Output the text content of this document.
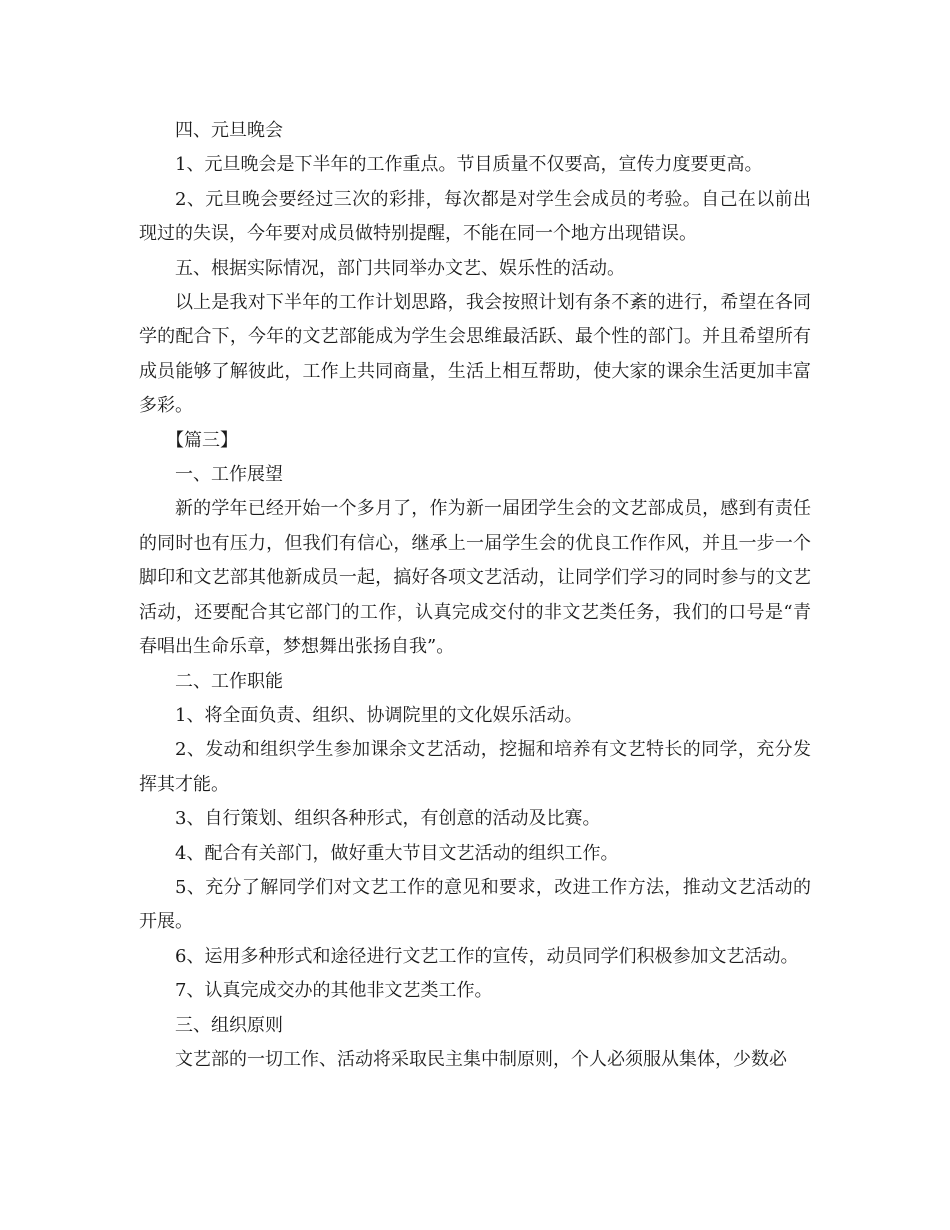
四、元旦晚会

1、元旦晚会是下半年的工作重点。节目质量不仅要高，宣传力度要更高。

2、元旦晚会要经过三次的彩排，每次都是对学生会成员的考验。自己在以前出现过的失误，今年要对成员做特别提醒，不能在同一个地方出现错误。

五、根据实际情况，部门共同举办文艺、娱乐性的活动。

以上是我对下半年的工作计划思路，我会按照计划有条不紊的进行，希望在各同学的配合下，今年的文艺部能成为学生会思维最活跃、最个性的部门。并且希望所有成员能够了解彼此，工作上共同商量，生活上相互帮助，使大家的课余生活更加丰富多彩。

【篇三】

一、工作展望

新的学年已经开始一个多月了，作为新一届团学生会的文艺部成员，感到有责任的同时也有压力，但我们有信心，继承上一届学生会的优良工作作风，并且一步一个脚印和文艺部其他新成员一起，搞好各项文艺活动，让同学们学习的同时参与的文艺活动，还要配合其它部门的工作，认真完成交付的非文艺类任务，我们的口号是“青春唱出生命乐章，梦想舞出张扬自我”。

二、工作职能

1、将全面负责、组织、协调院里的文化娱乐活动。

2、发动和组织学生参加课余文艺活动，挖掘和培养有文艺特长的同学，充分发挥其才能。

3、自行策划、组织各种形式，有创意的活动及比赛。

4、配合有关部门，做好重大节目文艺活动的组织工作。

5、充分了解同学们对文艺工作的意见和要求，改进工作方法，推动文艺活动的开展。

6、运用多种形式和途径进行文艺工作的宣传，动员同学们积极参加文艺活动。

7、认真完成交办的其他非文艺类工作。

三、组织原则

文艺部的一切工作、活动将采取民主集中制原则，个人必须服从集体，少数必
